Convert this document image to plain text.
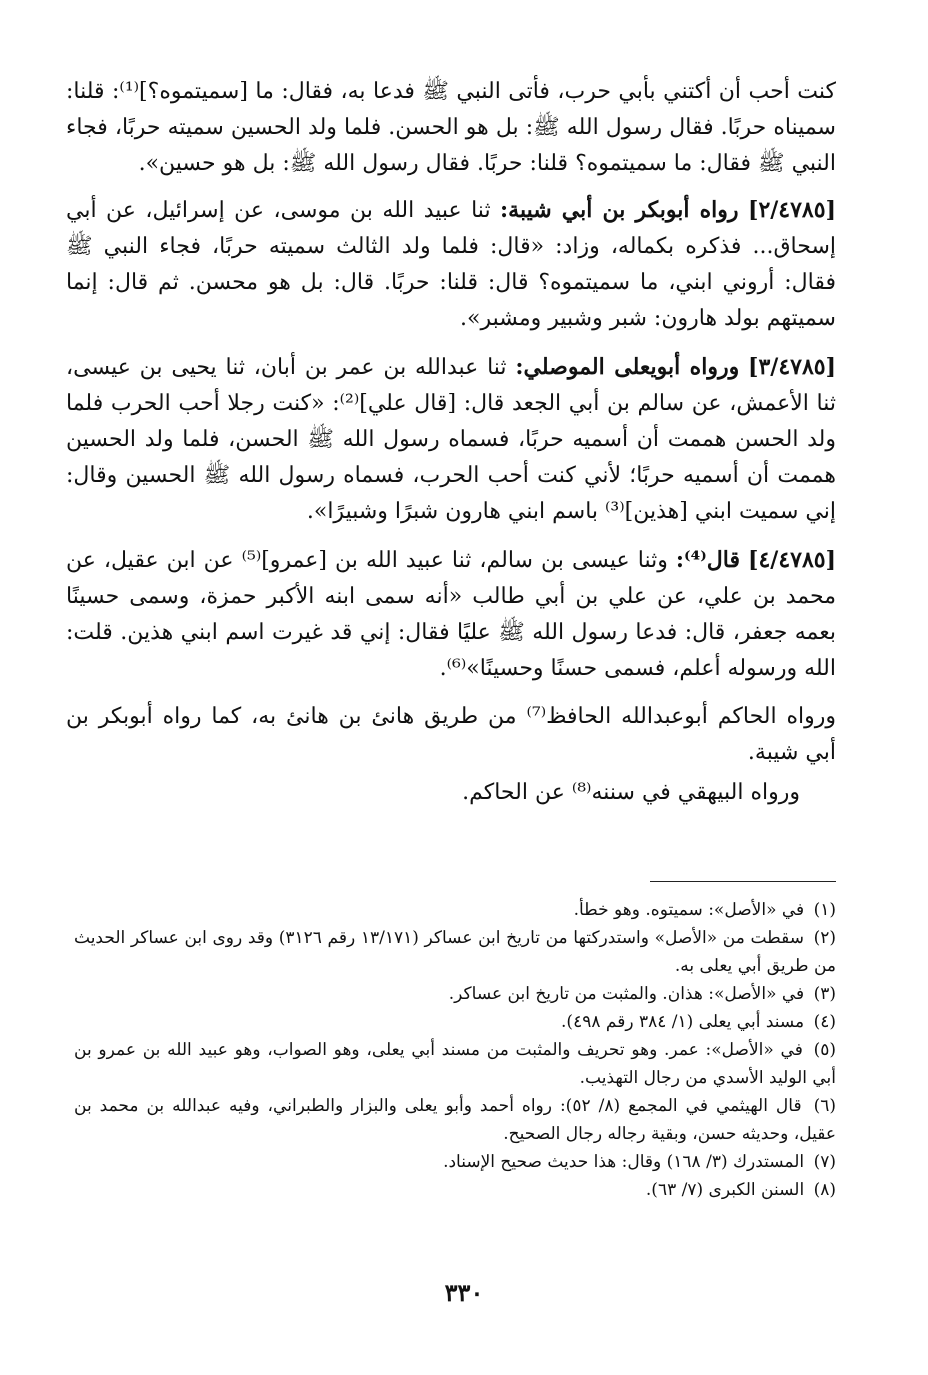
كنت أحب أن أكتني بأبي حرب، فأتى النبي ﷺ فدعا به، فقال: ما [سميتموه؟]⁽¹⁾: قلنا: سميناه حربًا. فقال رسول الله ﷺ: بل هو الحسن. فلما ولد الحسين سميته حربًا، فجاء النبي ﷺ فقال: ما سميتموه؟ قلنا: حربًا. فقال رسول الله ﷺ: بل هو حسين».

[٢/٤٧٨٥] رواه أبوبكر بن أبي شيبة: ثنا عبيد الله بن موسى، عن إسرائيل، عن أبي إسحاق... فذكره بكماله، وزاد: «قال: فلما ولد الثالث سميته حربًا، فجاء النبي ﷺ فقال: أروني ابني، ما سميتموه؟ قال: قلنا: حربًا. قال: بل هو محسن. ثم قال: إنما سميتهم بولد هارون: شبر وشبير ومشبر».

[٣/٤٧٨٥] ورواه أبويعلى الموصلي: ثنا عبدالله بن عمر بن أبان، ثنا يحيى بن عيسى، ثنا الأعمش، عن سالم بن أبي الجعد قال: [قال علي]⁽²⁾: «كنت رجلا أحب الحرب فلما ولد الحسن هممت أن أسميه حربًا، فسماه رسول الله ﷺ الحسن، فلما ولد الحسين هممت أن أسميه حربًا؛ لأني كنت أحب الحرب، فسماه رسول الله ﷺ الحسين وقال: إني سميت ابني [هذين]⁽³⁾ باسم ابني هارون شبرًا وشبيرًا».

[٤/٤٧٨٥] قال⁽⁴⁾: وثنا عيسى بن سالم، ثنا عبيد الله بن [عمرو]⁽⁵⁾ عن ابن عقيل، عن محمد بن علي، عن علي بن أبي طالب «أنه سمى ابنه الأكبر حمزة، وسمى حسينًا بعمه جعفر، قال: فدعا رسول الله ﷺ عليًا فقال: إني قد غيرت اسم ابني هذين. قلت: الله ورسوله أعلم، فسمى حسنًا وحسينًا»⁽⁶⁾.

ورواه الحاكم أبوعبدالله الحافظ⁽⁷⁾ من طريق هانئ بن هانئ به، كما رواه أبوبكر بن أبي شيبة.

ورواه البيهقي في سننه⁽⁸⁾ عن الحاكم.

(١) في «الأصل»: سميتوه. وهو خطأ.

(٢) سقطت من «الأصل» واستدركتها من تاريخ ابن عساكر (١٣/١٧١ رقم ٣١٢٦) وقد روى ابن عساكر الحديث من طريق أبي يعلى به.

(٣) في «الأصل»: هذان. والمثبت من تاريخ ابن عساكر.

(٤) مسند أبي يعلى (١/ ٣٨٤ رقم ٤٩٨).

(٥) في «الأصل»: عمر. وهو تحريف والمثبت من مسند أبي يعلى، وهو الصواب، وهو عبيد الله بن عمرو بن أبي الوليد الأسدي من رجال التهذيب.

(٦) قال الهيثمي في المجمع (٨/ ٥٢): رواه أحمد وأبو يعلى والبزار والطبراني، وفيه عبدالله بن محمد بن عقيل، وحديثه حسن، وبقية رجاله رجال الصحيح.

(٧) المستدرك (٣/ ١٦٨) وقال: هذا حديث صحيح الإسناد.

(٨) السنن الكبرى (٧/ ٦٣).

٣٣٠
